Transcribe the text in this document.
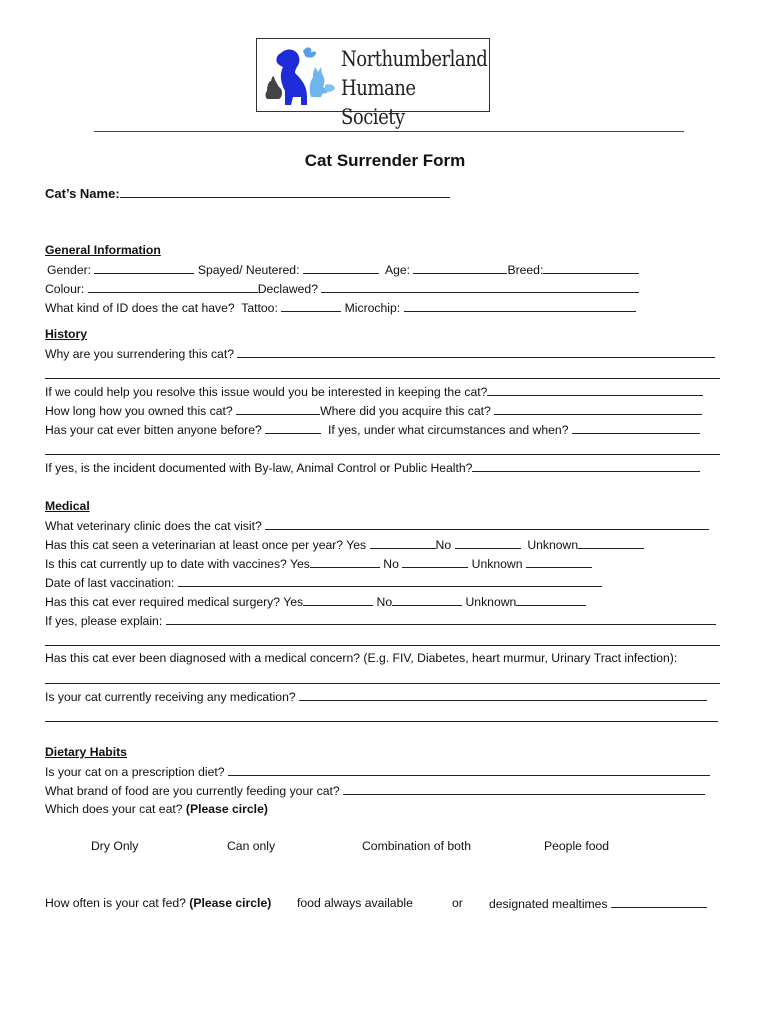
Northumberland
Humane Society
Cat Surrender Form
Cat’s Name:
General Information
Gender:	Spayed/ Neutered:	Age:	Breed:
Colour:	Declawed?
What kind of ID does the cat have? Tattoo:	Microchip:
History
Why are you surrendering this cat?
If we could help you resolve this issue would you be interested in keeping the cat?
How long how you owned this cat?	Where did you acquire this cat?
Has your cat ever bitten anyone before?	If yes, under what circumstances and when?
If yes, is the incident documented with By-law, Animal Control or Public Health?
Medical
What veterinary clinic does the cat visit?
Has this cat seen a veterinarian at least once per year? Yes	No	Unknown
Is this cat currently up to date with vaccines? Yes	No	Unknown
Date of last vaccination:
Has this cat ever required medical surgery? Yes	No	Unknown
If yes, please explain:
Has this cat ever been diagnosed with a medical concern? (E.g. FIV, Diabetes, heart murmur, Urinary Tract infection):
Is your cat currently receiving any medication?
Dietary Habits
Is your cat on a prescription diet?
What brand of food are you currently feeding your cat?
Which does your cat eat? (Please circle)
Dry Only	Can only	Combination of both	People food
How often is your cat fed? (Please circle) food always available	or designated mealtimes
